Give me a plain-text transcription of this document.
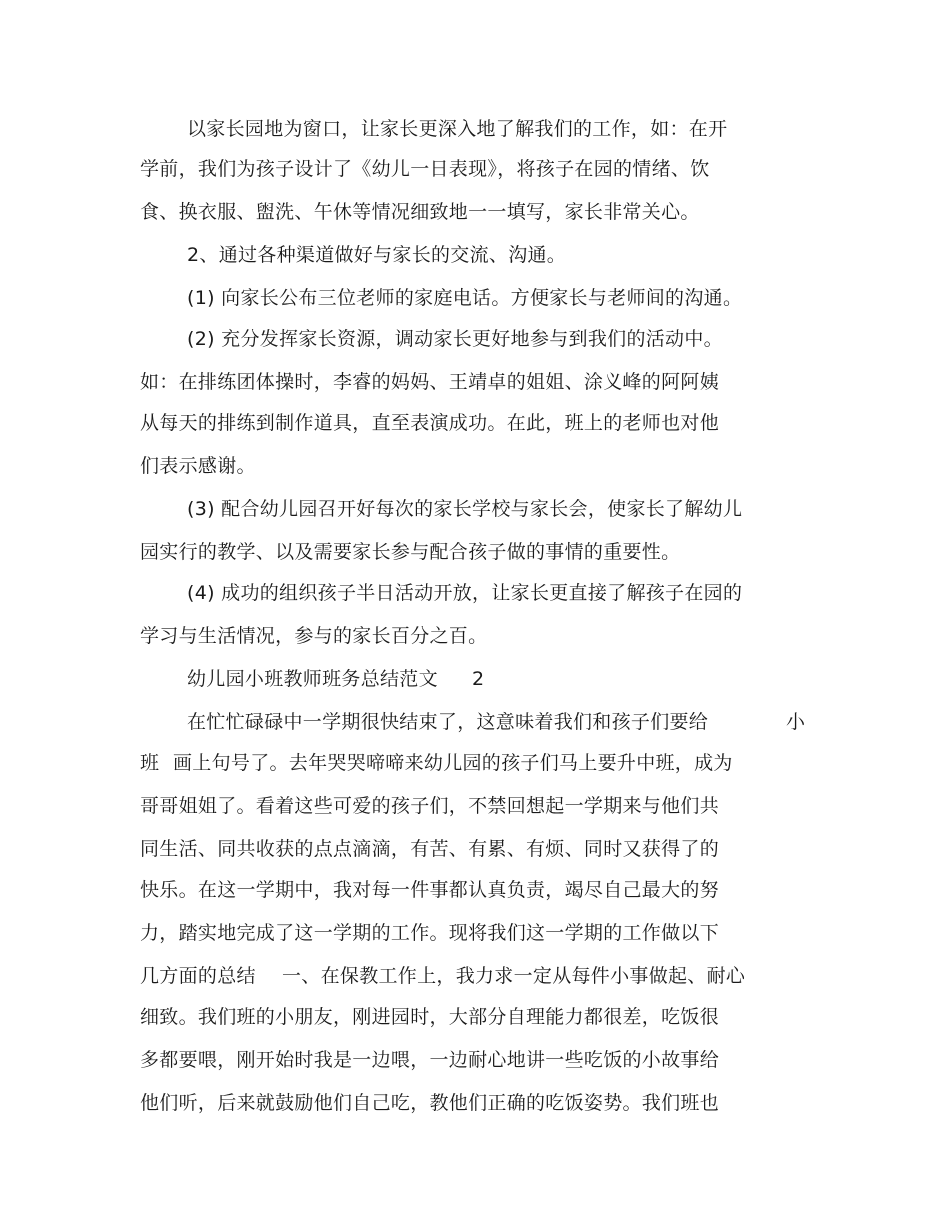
以家长园地为窗口，让家长更深入地了解我们的工作，如：在开
学前，我们为孩子设计了《幼儿一日表现》，将孩子在园的情绪、饮
食、换衣服、盥洗、午休等情况细致地一一填写，家长非常关心。
2、通过各种渠道做好与家长的交流、沟通。
(1) 向家长公布三位老师的家庭电话。方便家长与老师间的沟通。
(2) 充分发挥家长资源，调动家长更好地参与到我们的活动中。
如：在排练团体操时，李睿的妈妈、王靖卓的姐姐、涂义峰的阿阿姨
从每天的排练到制作道具，直至表演成功。在此，班上的老师也对他
们表示感谢。
(3) 配合幼儿园召开好每次的家长学校与家长会，使家长了解幼儿
园实行的教学、以及需要家长参与配合孩子做的事情的重要性。
(4) 成功的组织孩子半日活动开放，让家长更直接了解孩子在园的
学习与生活情况，参与的家长百分之百。
幼儿园小班教师班务总结范文 2
在忙忙碌碌中一学期很快结束了，这意味着我们和孩子们要给	小
班 画上句号了。去年哭哭啼啼来幼儿园的孩子们马上要升中班，成为
哥哥姐姐了。看着这些可爱的孩子们，不禁回想起一学期来与他们共
同生活、同共收获的点点滴滴，有苦、有累、有烦、同时又获得了的
快乐。在这一学期中，我对每一件事都认真负责，竭尽自己最大的努
力，踏实地完成了这一学期的工作。现将我们这一学期的工作做以下
几方面的总结 一、在保教工作上，我力求一定从每件小事做起、耐心
细致。我们班的小朋友，刚进园时，大部分自理能力都很差，吃饭很
多都要喂，刚开始时我是一边喂，一边耐心地讲一些吃饭的小故事给
他们听，后来就鼓励他们自己吃，教他们正确的吃饭姿势。我们班也
